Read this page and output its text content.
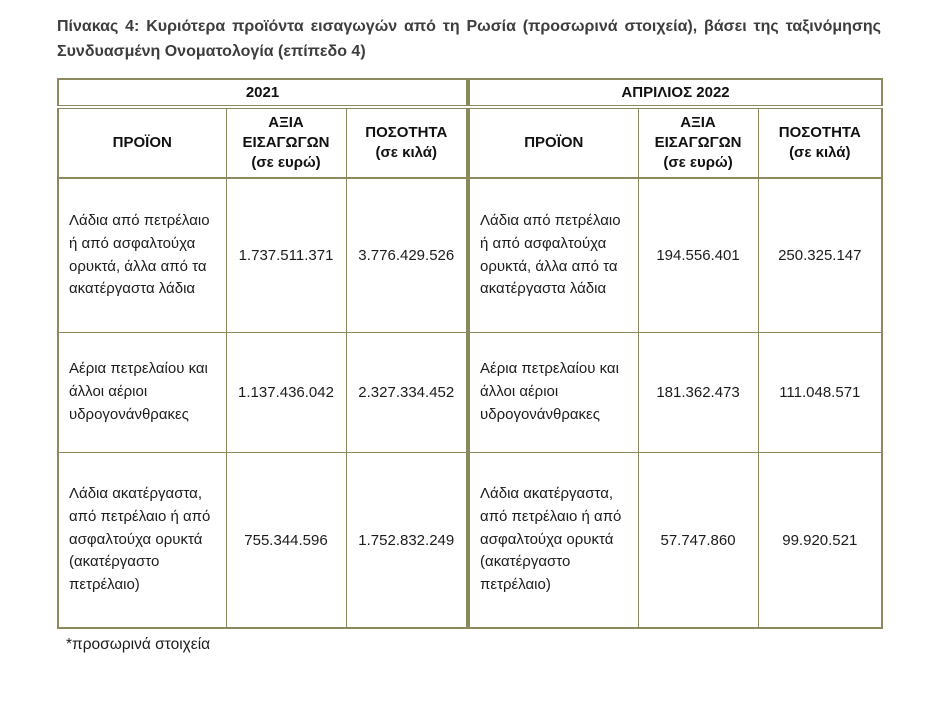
Πίνακας 4: Κυριότερα προϊόντα εισαγωγών από τη Ρωσία (προσωρινά στοιχεία), βάσει της ταξινόμησης Συνδυασμένη Ονοματολογία (επίπεδο 4)

2021			ΑΠΡΙΛΙΟΣ 2022		
ΠΡΟΪΟΝ	ΑΞΙΑ ΕΙΣΑΓΩΓΩΝ (σε ευρώ)	ΠΟΣΟΤΗΤΑ (σε κιλά)	ΠΡΟΪΟΝ	ΑΞΙΑ ΕΙΣΑΓΩΓΩΝ (σε ευρώ)	ΠΟΣΟΤΗΤΑ (σε κιλά)
Λάδια από πετρέλαιο ή από ασφαλτούχα ορυκτά, άλλα από τα ακατέργαστα λάδια	1.737.511.371	3.776.429.526	Λάδια από πετρέλαιο ή από ασφαλτούχα ορυκτά, άλλα από τα ακατέργαστα λάδια	194.556.401	250.325.147
Αέρια πετρελαίου και άλλοι αέριοι υδρογονάνθρακες	1.137.436.042	2.327.334.452	Αέρια πετρελαίου και άλλοι αέριοι υδρογονάνθρακες	181.362.473	111.048.571
Λάδια ακατέργαστα, από πετρέλαιο ή από ασφαλτούχα ορυκτά (ακατέργαστο πετρέλαιο)	755.344.596	1.752.832.249	Λάδια ακατέργαστα, από πετρέλαιο ή από ασφαλτούχα ορυκτά (ακατέργαστο πετρέλαιο)	57.747.860	99.920.521

*προσωρινά στοιχεία
